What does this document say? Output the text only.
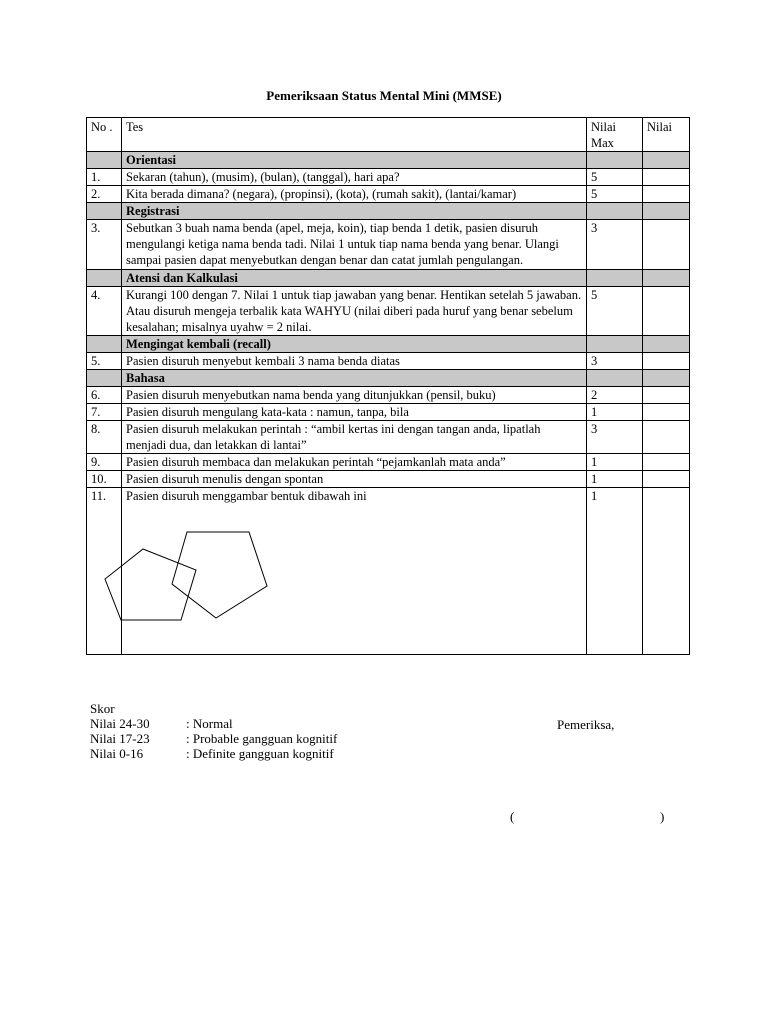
Pemeriksaan Status Mental Mini (MMSE)
No .	Tes	Nilai Max	Nilai
	Orientasi		
1.	Sekaran (tahun), (musim), (bulan), (tanggal), hari apa?	5	
2.	Kita berada dimana? (negara), (propinsi), (kota), (rumah sakit), (lantai/kamar)	5	
	Registrasi		
3.	Sebutkan 3 buah nama benda (apel, meja, koin), tiap benda 1 detik, pasien disuruh mengulangi ketiga nama benda tadi. Nilai 1 untuk tiap nama benda yang benar. Ulangi sampai pasien dapat menyebutkan dengan benar dan catat jumlah pengulangan.	3	
	Atensi dan Kalkulasi		
4.	Kurangi 100 dengan 7. Nilai 1 untuk tiap jawaban yang benar. Hentikan setelah 5 jawaban. Atau disuruh mengeja terbalik kata WAHYU (nilai diberi pada huruf yang benar sebelum kesalahan; misalnya uyahw = 2 nilai.	5	
	Mengingat kembali (recall)		
5.	Pasien disuruh menyebut kembali 3 nama benda diatas	3	
	Bahasa		
6.	Pasien disuruh menyebutkan nama benda yang ditunjukkan (pensil, buku)	2	
7.	Pasien disuruh mengulang kata-kata : namun, tanpa, bila	1	
8.	Pasien disuruh melakukan perintah : “ambil kertas ini dengan tangan anda, lipatlah menjadi dua, dan letakkan di lantai”	3	
9.	Pasien disuruh membaca dan melakukan perintah “pejamkanlah mata anda”	1	
10.	Pasien disuruh menulis dengan spontan	1	
11.	Pasien disuruh menggambar bentuk dibawah ini	1	
Skor
Nilai 24-30	: Normal
Nilai 17-23	: Probable gangguan kognitif
Nilai 0-16	: Definite gangguan kognitif
Pemeriksa,
(	)
